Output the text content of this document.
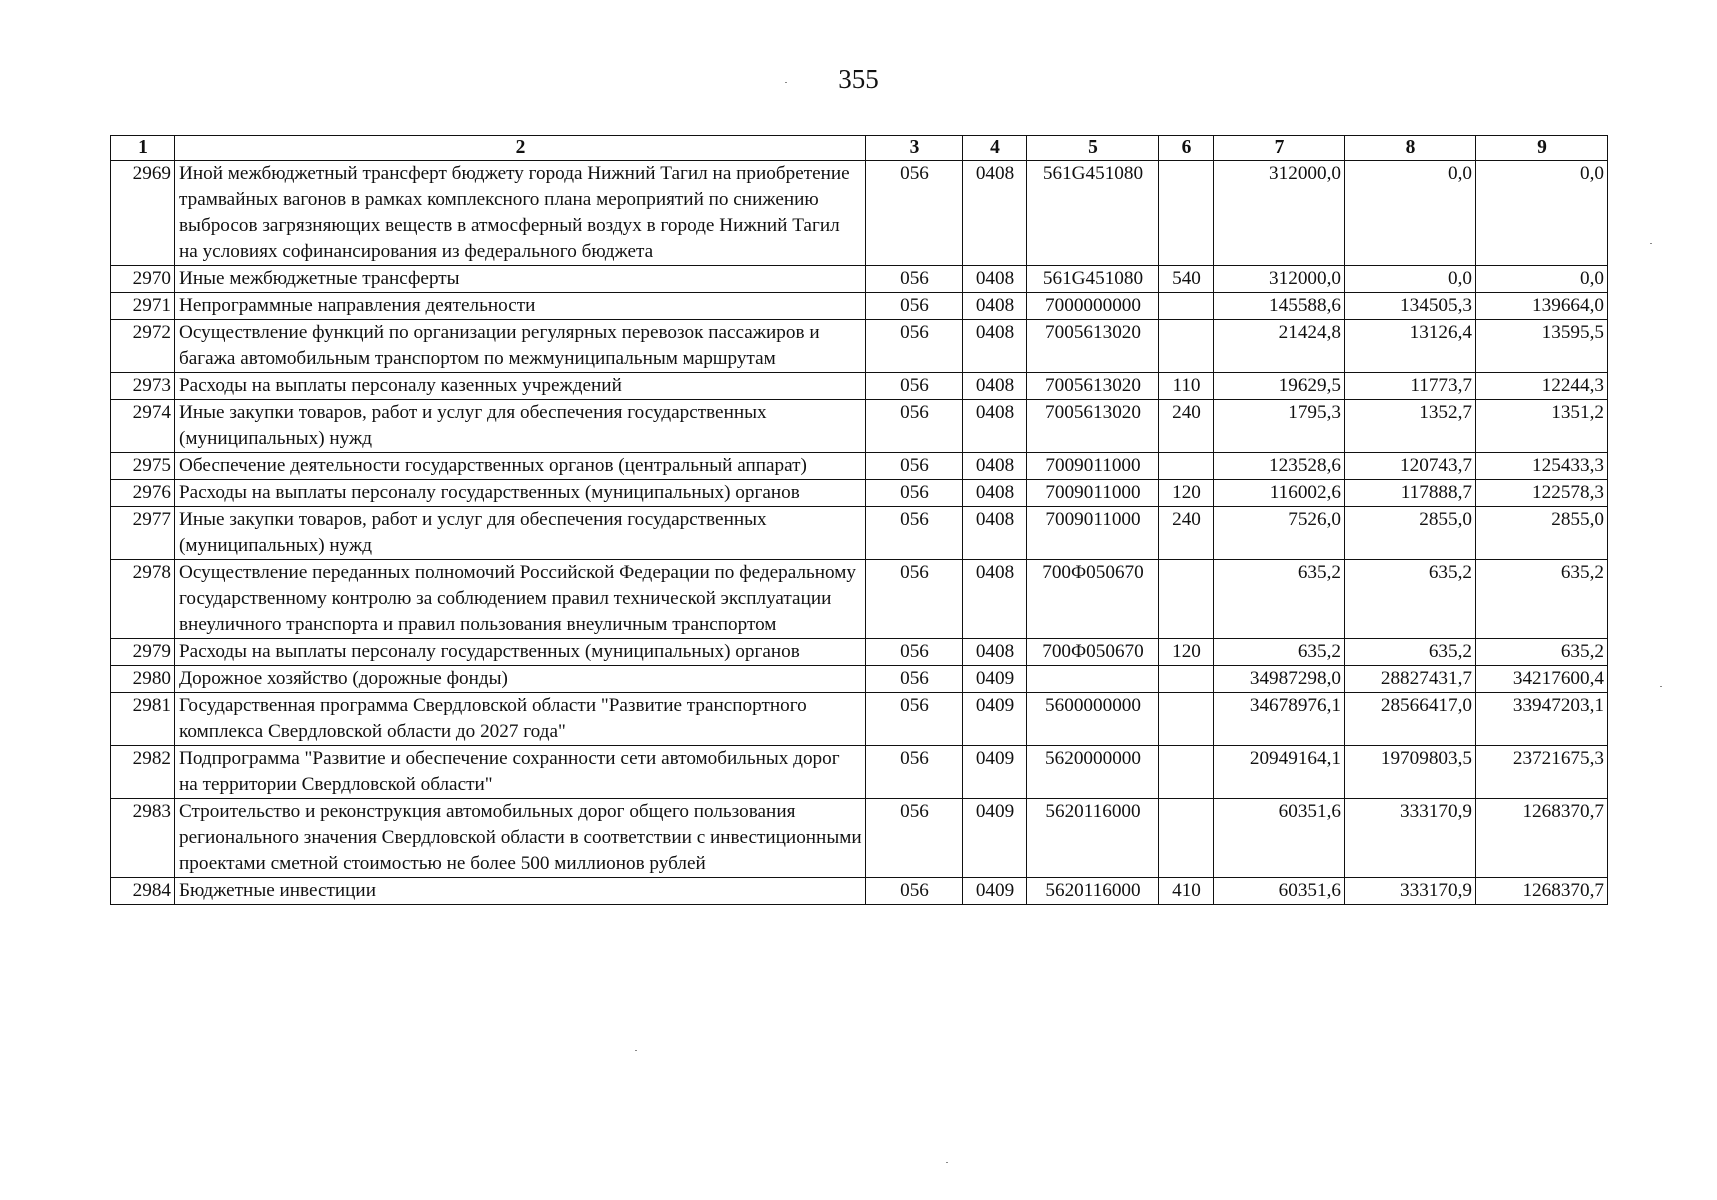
355
1	2	3	4	5	6	7	8	9
2969	Иной межбюджетный трансферт бюджету города Нижний Тагил на приобретение трамвайных вагонов в рамках комплексного плана мероприятий по снижению выбросов загрязняющих веществ в атмосферный воздух в городе Нижний Тагил на условиях софинансирования из федерального бюджета	056	0408	561G451080		312000,0	0,0	0,0
2970	Иные межбюджетные трансферты	056	0408	561G451080	540	312000,0	0,0	0,0
2971	Непрограммные направления деятельности	056	0408	7000000000		145588,6	134505,3	139664,0
2972	Осуществление функций по организации регулярных перевозок пассажиров и багажа автомобильным транспортом по межмуниципальным маршрутам	056	0408	7005613020		21424,8	13126,4	13595,5
2973	Расходы на выплаты персоналу казенных учреждений	056	0408	7005613020	110	19629,5	11773,7	12244,3
2974	Иные закупки товаров, работ и услуг для обеспечения государственных (муниципальных) нужд	056	0408	7005613020	240	1795,3	1352,7	1351,2
2975	Обеспечение деятельности государственных органов (центральный аппарат)	056	0408	7009011000		123528,6	120743,7	125433,3
2976	Расходы на выплаты персоналу государственных (муниципальных) органов	056	0408	7009011000	120	116002,6	117888,7	122578,3
2977	Иные закупки товаров, работ и услуг для обеспечения государственных (муниципальных) нужд	056	0408	7009011000	240	7526,0	2855,0	2855,0
2978	Осуществление переданных полномочий Российской Федерации по федеральному государственному контролю за соблюдением правил технической эксплуатации внеуличного транспорта и правил пользования внеуличным транспортом	056	0408	700Ф050670		635,2	635,2	635,2
2979	Расходы на выплаты персоналу государственных (муниципальных) органов	056	0408	700Ф050670	120	635,2	635,2	635,2
2980	Дорожное хозяйство (дорожные фонды)	056	0409			34987298,0	28827431,7	34217600,4
2981	Государственная программа Свердловской области "Развитие транспортного комплекса Свердловской области до 2027 года"	056	0409	5600000000		34678976,1	28566417,0	33947203,1
2982	Подпрограмма "Развитие и обеспечение сохранности сети автомобильных дорог на территории Свердловской области"	056	0409	5620000000		20949164,1	19709803,5	23721675,3
2983	Строительство и реконструкция автомобильных дорог общего пользования регионального значения Свердловской области в соответствии с инвестиционными проектами сметной стоимостью не более 500 миллионов рублей	056	0409	5620116000		60351,6	333170,9	1268370,7
2984	Бюджетные инвестиции	056	0409	5620116000	410	60351,6	333170,9	1268370,7
